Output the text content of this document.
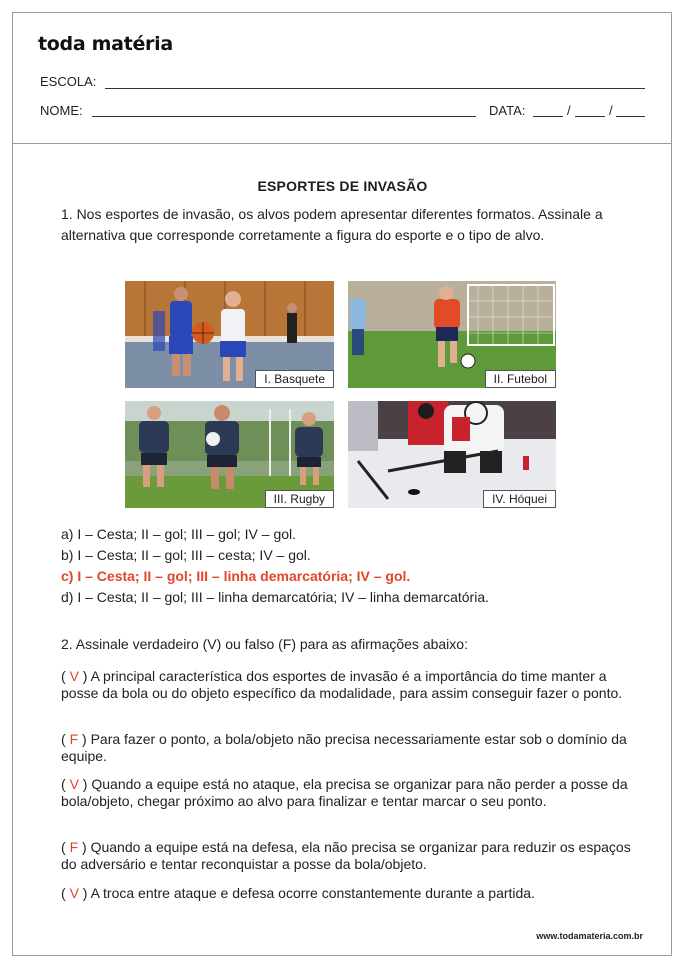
toda matéria
ESCOLA:
NOME:	DATA:	/	/
ESPORTES DE INVASÃO
1. Nos esportes de invasão, os alvos podem apresentar diferentes formatos. Assinale a alternativa que corresponde corretamente a figura do esporte e o tipo de alvo.
I. Basquete	II. Futebol
III. Rugby	IV. Hóquei
a) I – Cesta; II – gol; III – gol; IV – gol.
b) I – Cesta; II – gol; III – cesta; IV – gol.
c) I – Cesta; II – gol; III – linha demarcatória; IV – gol.
d) I – Cesta; II – gol; III – linha demarcatória; IV – linha demarcatória.
2. Assinale verdadeiro (V) ou falso (F) para as afirmações abaixo:
( V ) A principal característica dos esportes de invasão é a importância do time manter a posse da bola ou do objeto específico da modalidade, para assim conseguir fazer o ponto.
( F ) Para fazer o ponto, a bola/objeto não precisa necessariamente estar sob o domínio da equipe.
( V ) Quando a equipe está no ataque, ela precisa se organizar para não perder a posse da bola/objeto, chegar próximo ao alvo para finalizar e tentar marcar o seu ponto.
( F ) Quando a equipe está na defesa, ela não precisa se organizar para reduzir os espaços do adversário e tentar reconquistar a posse da bola/objeto.
( V ) A troca entre ataque e defesa ocorre constantemente durante a partida.
www.todamateria.com.br
